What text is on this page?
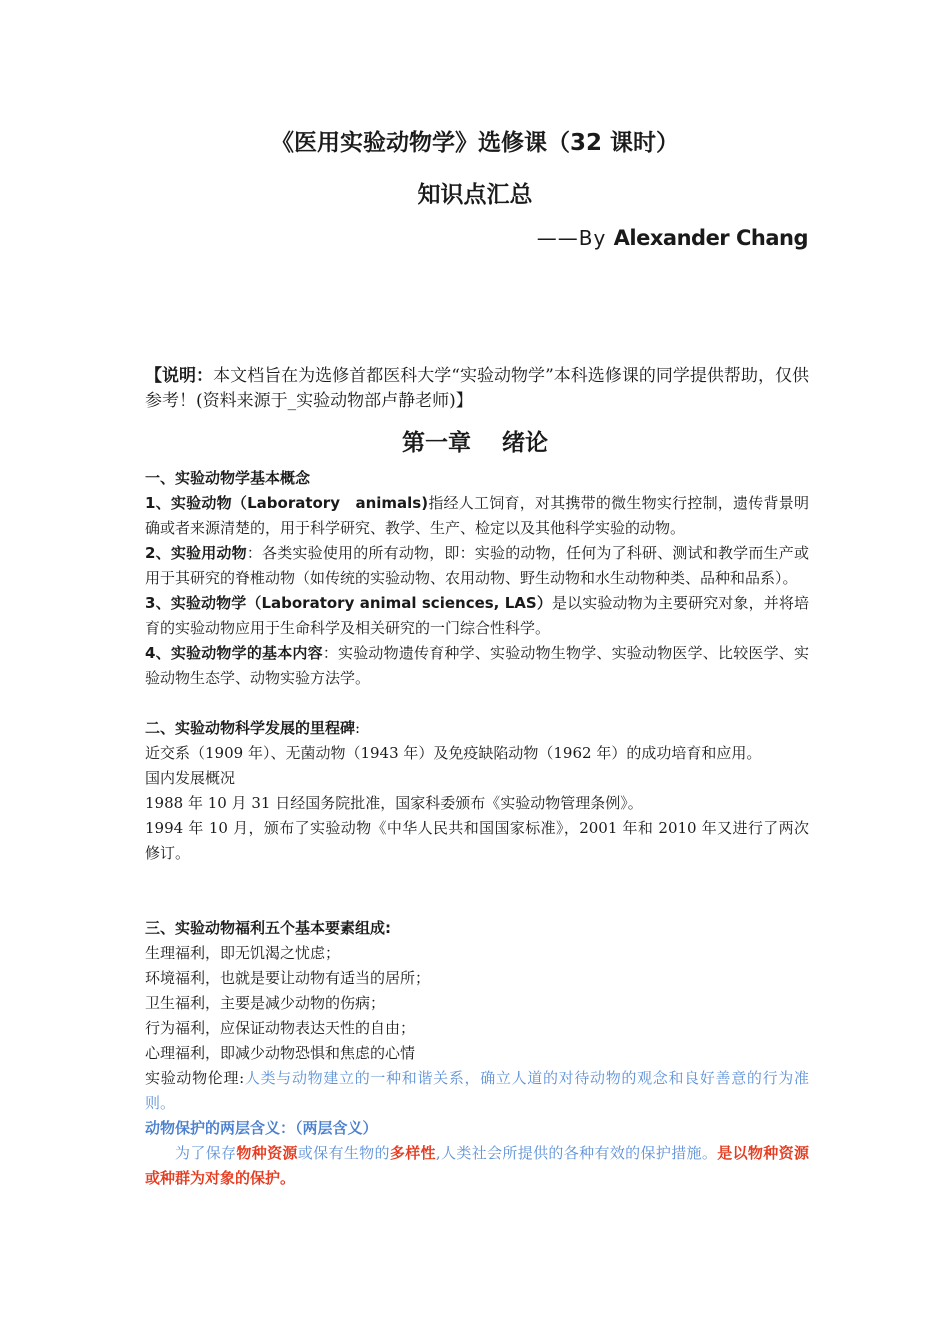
《医用实验动物学》选修课（32 课时）
知识点汇总
——By Alexander Chang
【说明：本文档旨在为选修首都医科大学“实验动物学”本科选修课的同学提供帮助，仅供参考！(资料来源于_实验动物部卢静老师)】
第一章　 绪论

一、实验动物学基本概念

1、实验动物（Laboratory　animals)指经人工饲育，对其携带的微生物实行控制，遗传背景明确或者来源清楚的，用于科学研究、教学、生产、检定以及其他科学实验的动物。

2、实验用动物：各类实验使用的所有动物，即：实验的动物，任何为了科研、测试和教学而生产或用于其研究的脊椎动物（如传统的实验动物、农用动物、野生动物和水生动物种类、品种和品系）。

3、实验动物学（Laboratory animal sciences, LAS）是以实验动物为主要研究对象，并将培育的实验动物应用于生命科学及相关研究的一门综合性科学。

4、实验动物学的基本内容：实验动物遗传育种学、实验动物生物学、实验动物医学、比较医学、实验动物生态学、动物实验方法学。

二、实验动物科学发展的里程碑:

近交系（1909 年）、无菌动物（1943 年）及免疫缺陷动物（1962 年）的成功培育和应用。

国内发展概况

1988 年 10 月 31 日经国务院批准，国家科委颁布《实验动物管理条例》。

1994 年 10 月，颁布了实验动物《中华人民共和国国家标准》，2001 年和 2010 年又进行了两次修订。

三、实验动物福利五个基本要素组成:

生理福利，即无饥渴之忧虑；

环境福利，也就是要让动物有适当的居所；

卫生福利，主要是减少动物的伤病；

行为福利，应保证动物表达天性的自由；

心理福利，即减少动物恐惧和焦虑的心情

实验动物伦理:人类与动物建立的一种和谐关系，确立人道的对待动物的观念和良好善意的行为准则。

动物保护的两层含义：（两层含义）

为了保存物种资源或保有生物的多样性,人类社会所提供的各种有效的保护措施。是以物种资源或种群为对象的保护。
